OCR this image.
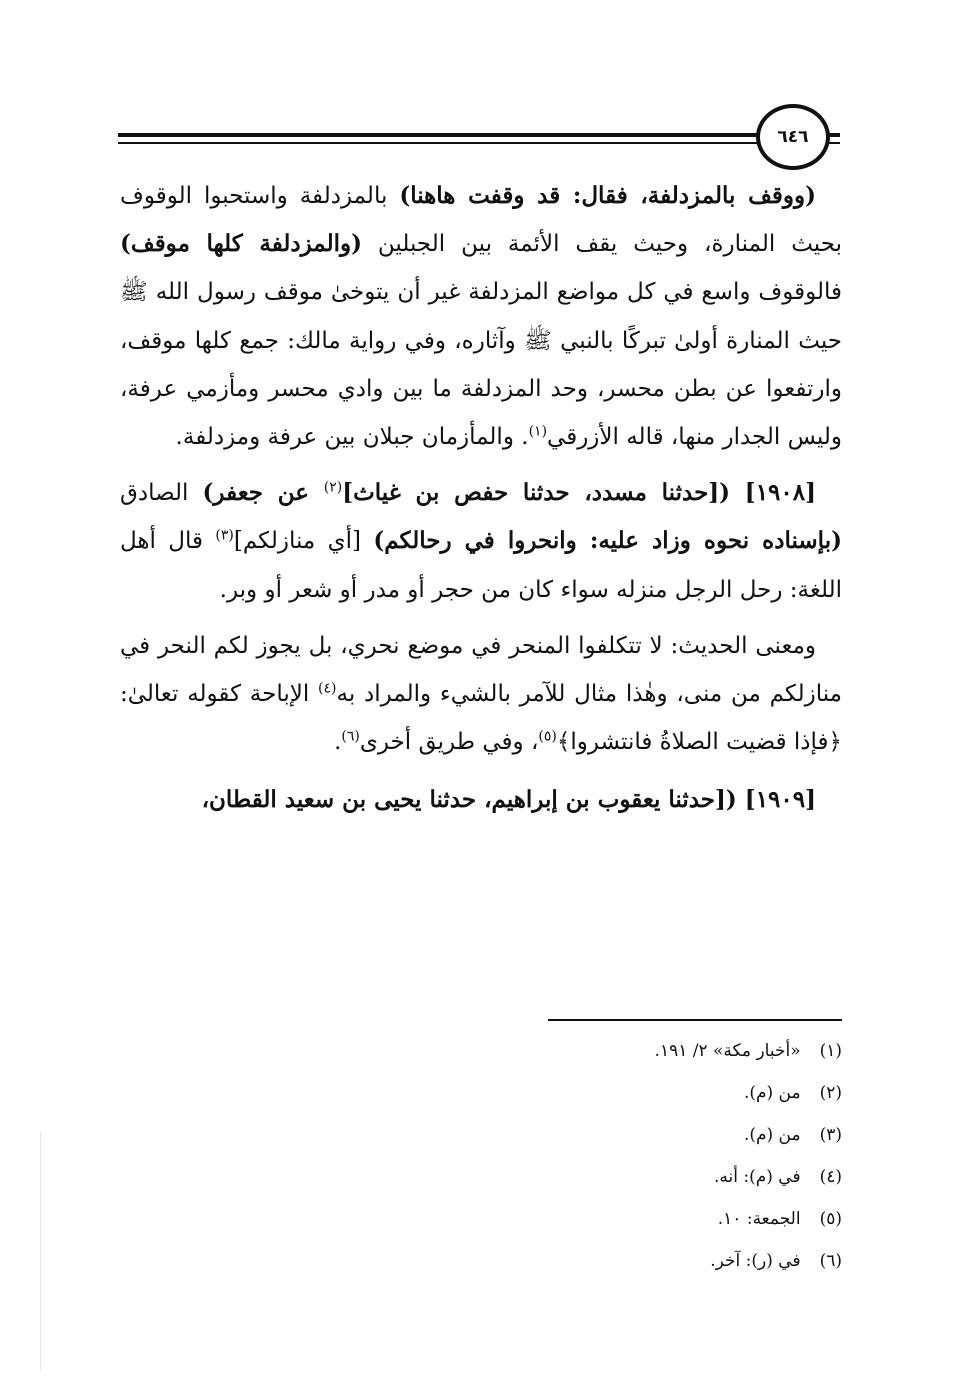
٦٤٦

(ووقف بالمزدلفة، فقال: قد وقفت هاهنا) بالمزدلفة واستحبوا الوقوف بحيث المنارة، وحيث يقف الأئمة بين الجبلين (والمزدلفة كلها موقف) فالوقوف واسع في كل مواضع المزدلفة غير أن يتوخىٰ موقف رسول الله ﷺ حيث المنارة أولىٰ تبركًا بالنبي ﷺ وآثاره، وفي رواية مالك: جمع كلها موقف، وارتفعوا عن بطن محسر، وحد المزدلفة ما بين وادي محسر ومأزمي عرفة، وليس الجدار منها، قاله الأزرقي$^{(١)}$. والمأزمان جبلان بين عرفة ومزدلفة.

[١٩٠٨] ([حدثنا مسدد، حدثنا حفص بن غياث]$^{(٢)}$ عن جعفر) الصادق (بإسناده نحوه وزاد عليه: وانحروا في رحالكم) [أي منازلكم]$^{(٣)}$ قال أهل اللغة: رحل الرجل منزله سواء كان من حجر أو مدر أو شعر أو وبر.

ومعنى الحديث: لا تتكلفوا المنحر في موضع نحري، بل يجوز لكم النحر في منازلكم من منى، وهٰذا مثال للآمر بالشيء والمراد به$^{(٤)}$ الإباحة كقوله تعالىٰ: ﴿فإذا قضيت الصلاةُ فانتشروا﴾$^{(٥)}$، وفي طريق أخرى$^{(٦)}$.

[١٩٠٩] ([حدثنا يعقوب بن إبراهيم، حدثنا يحيى بن سعيد القطان،

(١) «أخبار مكة» ٢/ ١٩١.
(٢) من (م).
(٣) من (م).
(٤) في (م): أنه.
(٥) الجمعة: ١٠.
(٦) في (ر): آخر.
